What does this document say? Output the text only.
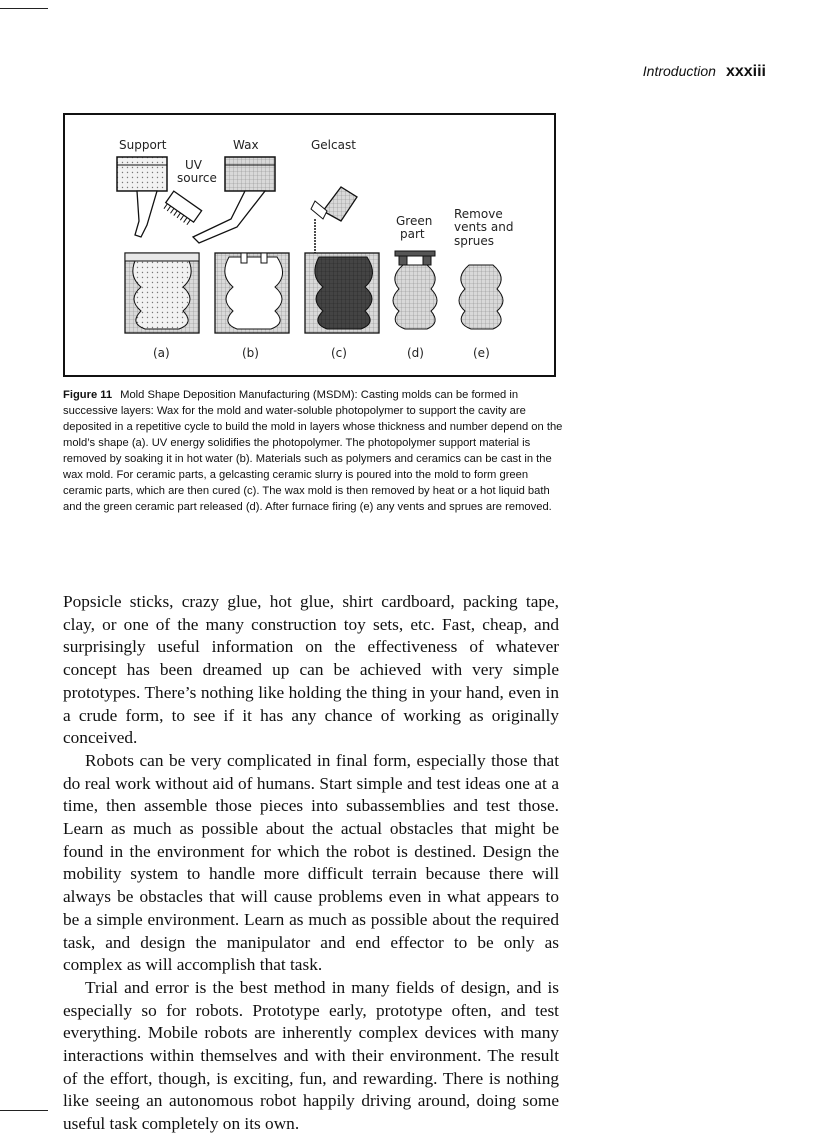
Introduction xxxiii
Support	Wax	Gelcast
UV
source
Green
part
Remove
vents and
sprues
(a)	(b)	(c)	(d)	(e)
Figure 11 Mold Shape Deposition Manufacturing (MSDM): Casting molds can be formed in successive layers: Wax for the mold and water-soluble photopolymer to support the cavity are deposited in a repetitive cycle to build the mold in layers whose thickness and number depend on the mold’s shape (a). UV energy solidifies the photopolymer. The photopolymer support material is removed by soaking it in hot water (b). Materials such as polymers and ceramics can be cast in the wax mold. For ceramic parts, a gelcasting ceramic slurry is poured into the mold to form green ceramic parts, which are then cured (c). The wax mold is then removed by heat or a hot liquid bath and the green ceramic part released (d). After furnace firing (e) any vents and sprues are removed.

Popsicle sticks, crazy glue, hot glue, shirt cardboard, packing tape, clay, or one of the many construction toy sets, etc. Fast, cheap, and surprisingly useful information on the effectiveness of whatever concept has been dreamed up can be achieved with very simple prototypes. There’s nothing like holding the thing in your hand, even in a crude form, to see if it has any chance of working as originally conceived.

Robots can be very complicated in final form, especially those that do real work without aid of humans. Start simple and test ideas one at a time, then assemble those pieces into subassemblies and test those. Learn as much as possible about the actual obstacles that might be found in the environment for which the robot is destined. Design the mobility system to handle more difficult terrain because there will always be obstacles that will cause problems even in what appears to be a simple environment. Learn as much as possible about the required task, and design the manipulator and end effector to be only as complex as will accomplish that task.

Trial and error is the best method in many fields of design, and is especially so for robots. Prototype early, prototype often, and test everything. Mobile robots are inherently complex devices with many interactions within themselves and with their environment. The result of the effort, though, is exciting, fun, and rewarding. There is nothing like seeing an autonomous robot happily driving around, doing some useful task completely on its own.
